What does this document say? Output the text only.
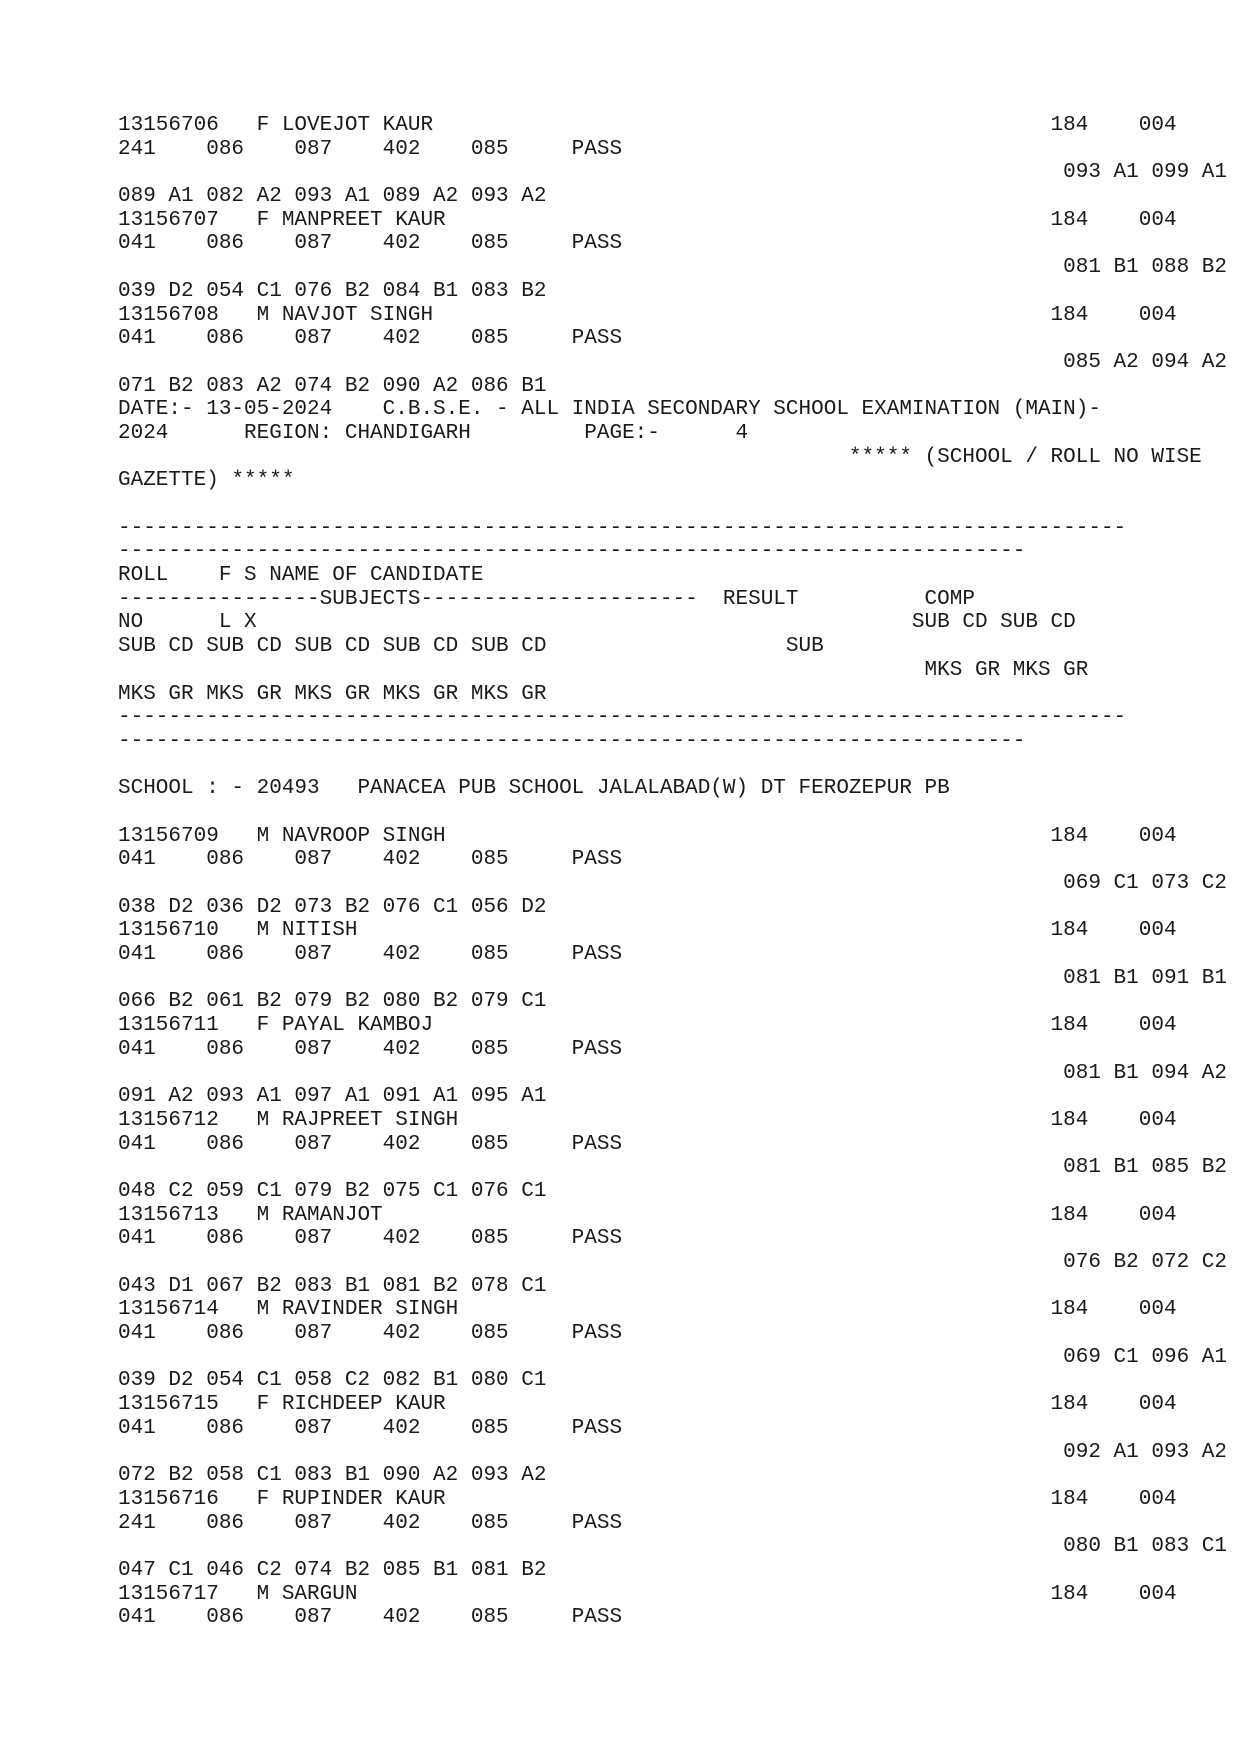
13156706   F LOVEJOT KAUR                                                 184    004
241    086    087    402    085     PASS
093 A1 099 A1
089 A1 082 A2 093 A1 089 A2 093 A2
13156707   F MANPREET KAUR                                                184    004
041    086    087    402    085     PASS
081 B1 088 B2
039 D2 054 C1 076 B2 084 B1 083 B2
13156708   M NAVJOT SINGH                                                 184    004
041    086    087    402    085     PASS
085 A2 094 A2
071 B2 083 A2 074 B2 090 A2 086 B1
DATE:- 13-05-2024    C.B.S.E. - ALL INDIA SECONDARY SCHOOL EXAMINATION (MAIN)-
2024      REGION: CHANDIGARH         PAGE:-      4
***** (SCHOOL / ROLL NO WISE
GAZETTE) *****
--------------------------------------------------------------------------------
------------------------------------------------------------------------
ROLL    F S NAME OF CANDIDATE
----------------SUBJECTS----------------------  RESULT          COMP
NO      L X                                                    SUB CD SUB CD
SUB CD SUB CD SUB CD SUB CD SUB CD                   SUB
MKS GR MKS GR
MKS GR MKS GR MKS GR MKS GR MKS GR
--------------------------------------------------------------------------------
------------------------------------------------------------------------
SCHOOL : - 20493   PANACEA PUB SCHOOL JALALABAD(W) DT FEROZEPUR PB
13156709   M NAVROOP SINGH                                                184    004
041    086    087    402    085     PASS
069 C1 073 C2
038 D2 036 D2 073 B2 076 C1 056 D2
13156710   M NITISH                                                       184    004
041    086    087    402    085     PASS
081 B1 091 B1
066 B2 061 B2 079 B2 080 B2 079 C1
13156711   F PAYAL KAMBOJ                                                 184    004
041    086    087    402    085     PASS
081 B1 094 A2
091 A2 093 A1 097 A1 091 A1 095 A1
13156712   M RAJPREET SINGH                                               184    004
041    086    087    402    085     PASS
081 B1 085 B2
048 C2 059 C1 079 B2 075 C1 076 C1
13156713   M RAMANJOT                                                     184    004
041    086    087    402    085     PASS
076 B2 072 C2
043 D1 067 B2 083 B1 081 B2 078 C1
13156714   M RAVINDER SINGH                                               184    004
041    086    087    402    085     PASS
069 C1 096 A1
039 D2 054 C1 058 C2 082 B1 080 C1
13156715   F RICHDEEP KAUR                                                184    004
041    086    087    402    085     PASS
092 A1 093 A2
072 B2 058 C1 083 B1 090 A2 093 A2
13156716   F RUPINDER KAUR                                                184    004
241    086    087    402    085     PASS
080 B1 083 C1
047 C1 046 C2 074 B2 085 B1 081 B2
13156717   M SARGUN                                                       184    004
041    086    087    402    085     PASS
